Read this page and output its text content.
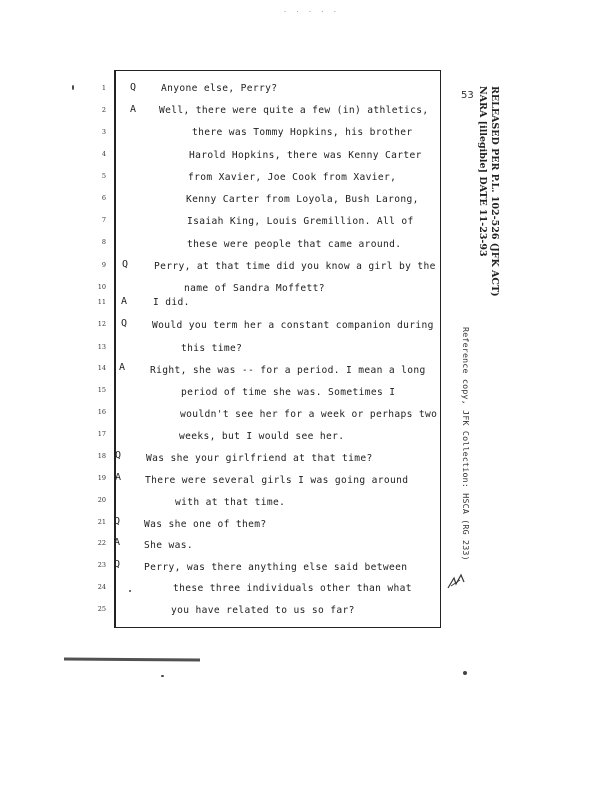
. . . . .
53 RELEASED PER P.L. 102-526 (JFK ACT)
NARA [illegible] DATE 11-23-93
Reference copy, JFK Collection: HSCA (RG 233)
1 Q	Anyone else, Perry?
2 A Well, there were quite a few (in) athletics,
3	there was Tommy Hopkins, his brother
4	Harold Hopkins, there was Kenny Carter
5	from Xavier, Joe Cook from Xavier,
6	Kenny Carter from Loyola, Bush Larong,
7	Isaiah King, Louis Gremillion. All of
8	these were people that came around.
9 Q	Perry, at that time did you know a girl by the
10	name of Sandra Moffett?
11 A	I did.
12 Q	Would you term her a constant companion during
13	this time?
14 A	Right, she was -- for a period. I mean a long
15	period of time she was. Sometimes I
16	wouldn't see her for a week or perhaps two
17	weeks, but I would see her.
18 Q	Was she your girlfriend at that time?
19 A There were several girls I was going around
20	with at that time.
21 Q Was she one of them?
22 A She was.
23 Q Perry, was there anything else said between
24	these three individuals other than what
25	you have related to us so far?
